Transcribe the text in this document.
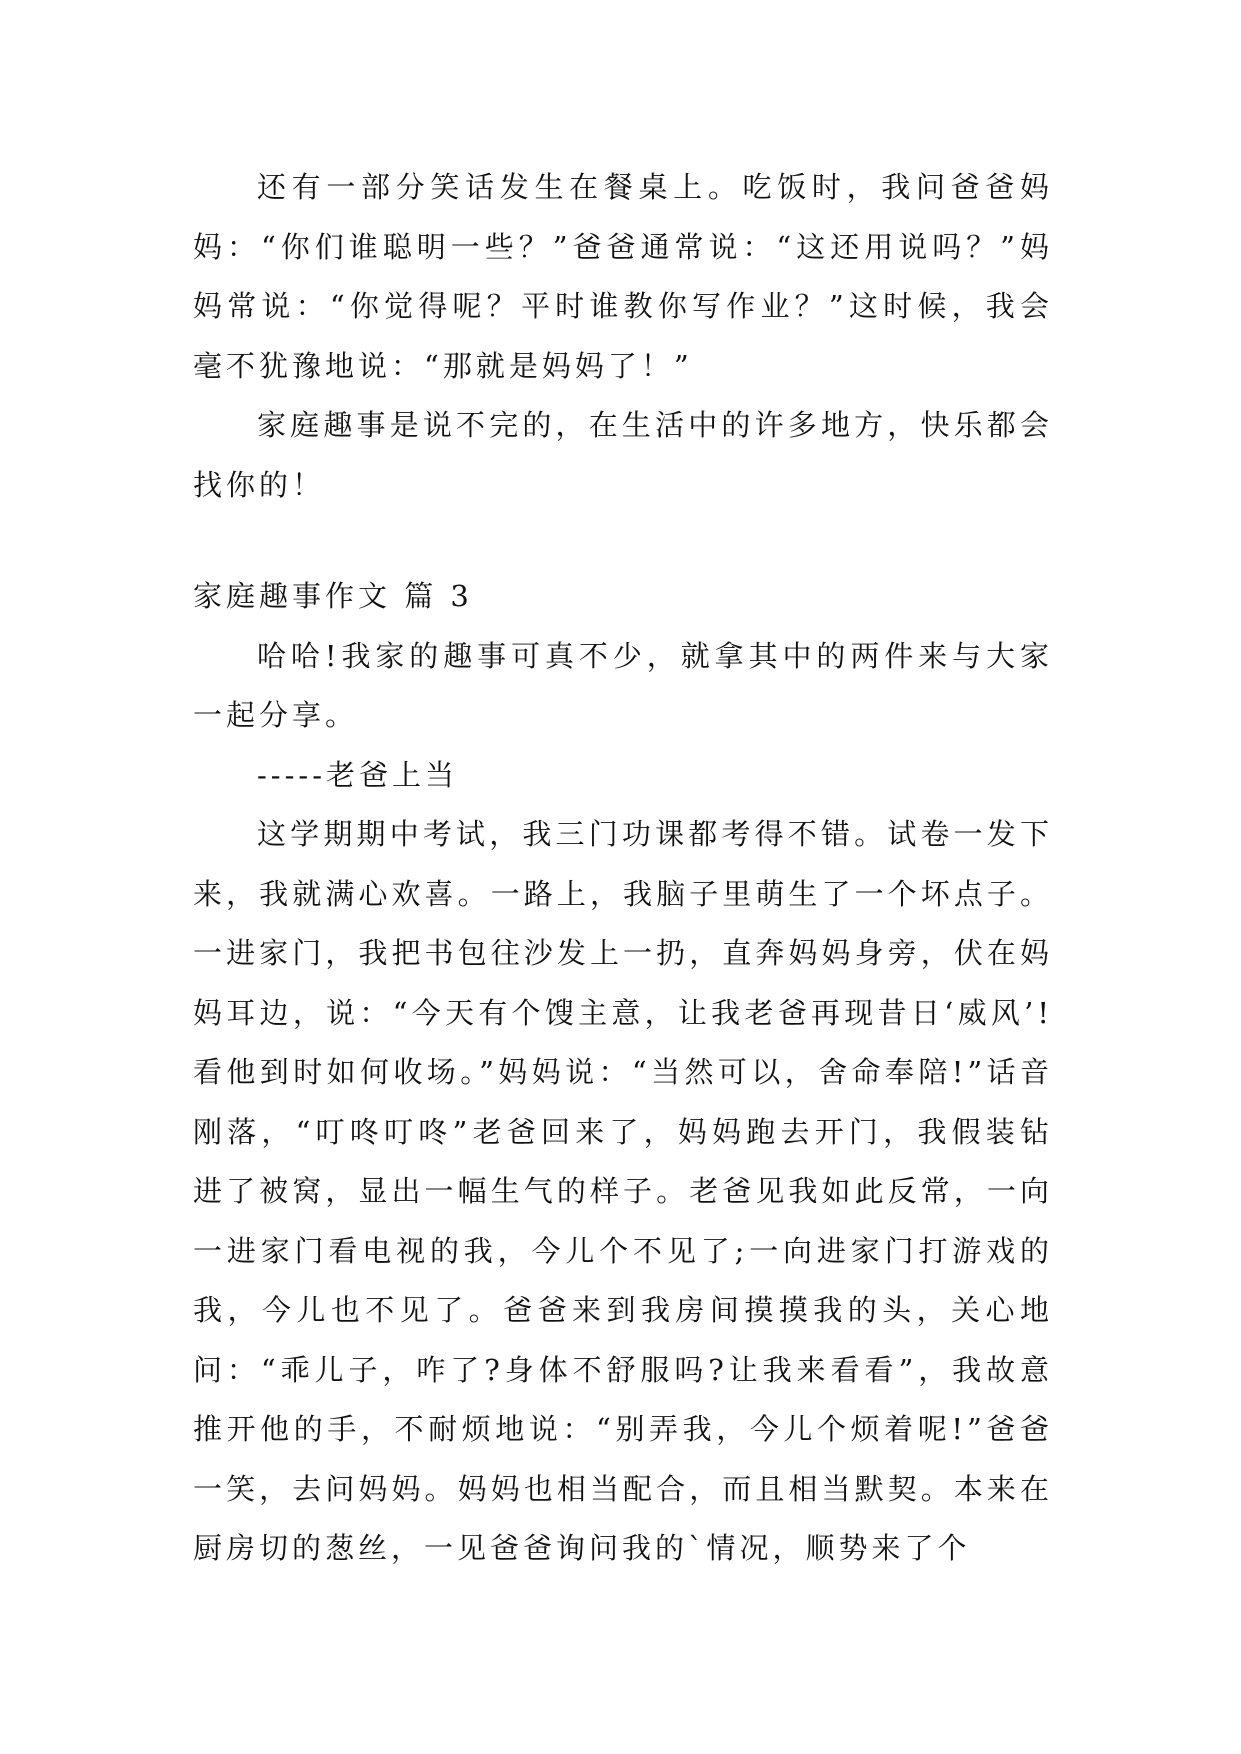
还有一部分笑话发生在餐桌上。吃饭时，我问爸爸妈妈：“你们谁聪明一些？”爸爸通常说：“这还用说吗？”妈妈常说：“你觉得呢？平时谁教你写作业？”这时候，我会毫不犹豫地说：“那就是妈妈了！”

家庭趣事是说不完的，在生活中的许多地方，快乐都会找你的！

家庭趣事作文 篇 3

哈哈!我家的趣事可真不少，就拿其中的两件来与大家一起分享。

-----老爸上当

这学期期中考试，我三门功课都考得不错。试卷一发下来，我就满心欢喜。一路上，我脑子里萌生了一个坏点子。一进家门，我把书包往沙发上一扔，直奔妈妈身旁，伏在妈妈耳边，说：“今天有个馊主意，让我老爸再现昔日‘威风’!看他到时如何收场。”妈妈说：“当然可以，舍命奉陪!”话音刚落，“叮咚叮咚”老爸回来了，妈妈跑去开门，我假装钻进了被窝，显出一幅生气的样子。老爸见我如此反常，一向一进家门看电视的我，今儿个不见了;一向进家门打游戏的我，今儿也不见了。爸爸来到我房间摸摸我的头，关心地问：“乖儿子，咋了?身体不舒服吗?让我来看看”，我故意推开他的手，不耐烦地说：“别弄我，今儿个烦着呢!”爸爸一笑，去问妈妈。妈妈也相当配合，而且相当默契。本来在厨房切的葱丝，一见爸爸询问我的`情况，顺势来了个
